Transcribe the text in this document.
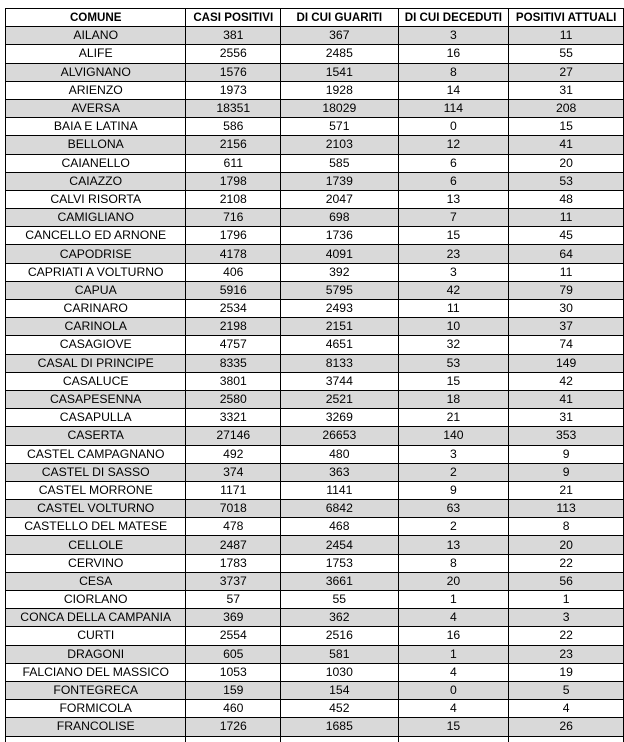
COMUNE	CASI POSITIVI	DI CUI GUARITI	DI CUI DECEDUTI	POSITIVI ATTUALI
AILANO	381	367	3	11
ALIFE	2556	2485	16	55
ALVIGNANO	1576	1541	8	27
ARIENZO	1973	1928	14	31
AVERSA	18351	18029	114	208
BAIA E LATINA	586	571	0	15
BELLONA	2156	2103	12	41
CAIANELLO	611	585	6	20
CAIAZZO	1798	1739	6	53
CALVI RISORTA	2108	2047	13	48
CAMIGLIANO	716	698	7	11
CANCELLO ED ARNONE	1796	1736	15	45
CAPODRISE	4178	4091	23	64
CAPRIATI A VOLTURNO	406	392	3	11
CAPUA	5916	5795	42	79
CARINARO	2534	2493	11	30
CARINOLA	2198	2151	10	37
CASAGIOVE	4757	4651	32	74
CASAL DI PRINCIPE	8335	8133	53	149
CASALUCE	3801	3744	15	42
CASAPESENNA	2580	2521	18	41
CASAPULLA	3321	3269	21	31
CASERTA	27146	26653	140	353
CASTEL CAMPAGNANO	492	480	3	9
CASTEL DI SASSO	374	363	2	9
CASTEL MORRONE	1171	1141	9	21
CASTEL VOLTURNO	7018	6842	63	113
CASTELLO DEL MATESE	478	468	2	8
CELLOLE	2487	2454	13	20
CERVINO	1783	1753	8	22
CESA	3737	3661	20	56
CIORLANO	57	55	1	1
CONCA DELLA CAMPANIA	369	362	4	3
CURTI	2554	2516	16	22
DRAGONI	605	581	1	23
FALCIANO DEL MASSICO	1053	1030	4	19
FONTEGRECA	159	154	0	5
FORMICOLA	460	452	4	4
FRANCOLISE	1726	1685	15	26
